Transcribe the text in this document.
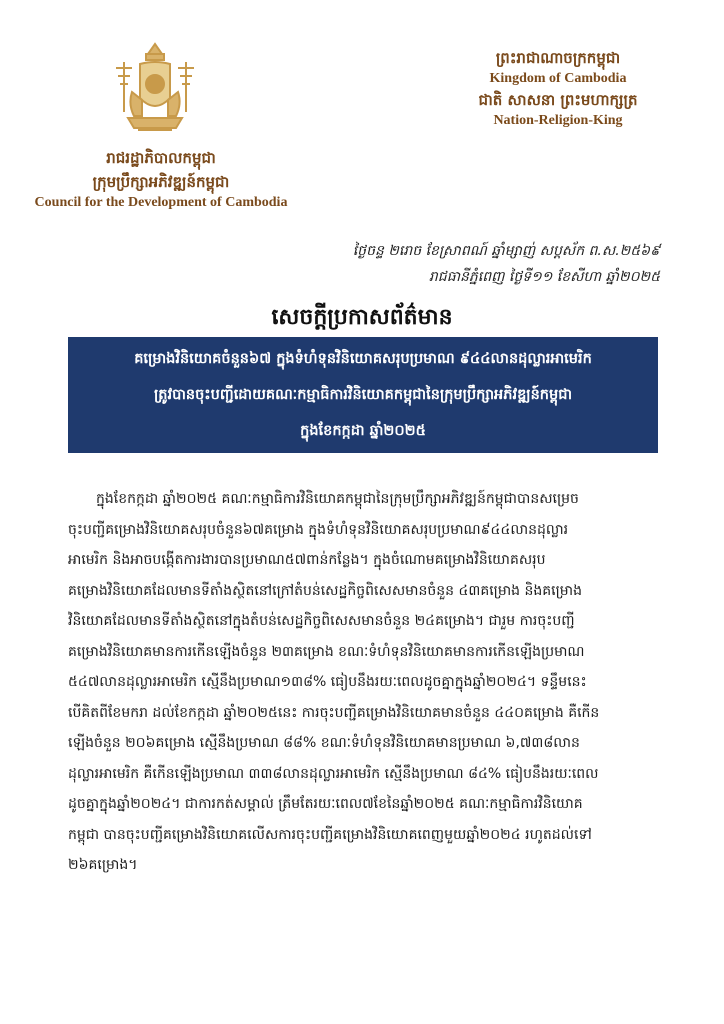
រាជរដ្ឋាភិបាលកម្ពុជា
ក្រុមប្រឹក្សាអភិវឌ្ឍន៍កម្ពុជា
Council for the Development of Cambodia
ព្រះរាជាណាចក្រកម្ពុជា
Kingdom of Cambodia
ជាតិ សាសនា ព្រះមហាក្សត្រ
Nation-Religion-King
ថ្ងៃចន្ទ ២រោច ខែស្រាពណ៍ ឆ្នាំម្សាញ់ សប្តស័ក ព.ស.២៥៦៩
រាជធានីភ្នំពេញ ថ្ងៃទី១១ ខែសីហា ឆ្នាំ២០២៥
សេចក្តីប្រកាសព័ត៌មាន
គម្រោងវិនិយោគចំនួន៦៧ ក្នុងទំហំទុនវិនិយោគសរុបប្រមាណ ៩៤៤លានដុល្លារអាមេរិក
ត្រូវបានចុះបញ្ជីដោយគណៈកម្មាធិការវិនិយោគកម្ពុជានៃក្រុមប្រឹក្សាអភិវឌ្ឍន៍កម្ពុជា
ក្នុងខែកក្កដា ឆ្នាំ២០២៥
ក្នុងខែកក្កដា ឆ្នាំ២០២៥ គណៈកម្មាធិការវិនិយោគកម្ពុជានៃក្រុមប្រឹក្សាអភិវឌ្ឍន៍កម្ពុជាបានសម្រេច
ចុះបញ្ជីគម្រោងវិនិយោគសរុបចំនួន៦៧គម្រោង ក្នុងទំហំទុនវិនិយោគសរុបប្រមាណ៩៤៤លានដុល្លារ
អាមេរិក និងអាចបង្កើតការងារបានប្រមាណ៥៧ពាន់កន្លែង។ ក្នុងចំណោមគម្រោងវិនិយោគសរុប
គម្រោងវិនិយោគដែលមានទីតាំងស្ថិតនៅក្រៅតំបន់សេដ្ឋកិច្ចពិសេសមានចំនួន ៤៣គម្រោង និងគម្រោង
វិនិយោគដែលមានទីតាំងស្ថិតនៅក្នុងតំបន់សេដ្ឋកិច្ចពិសេសមានចំនួន ២៤គម្រោង។ ជារួម ការចុះបញ្ជី
គម្រោងវិនិយោគមានការកើនឡើងចំនួន ២៣គម្រោង ខណៈទំហំទុនវិនិយោគមានការកើនឡើងប្រមាណ
៥៤៧លានដុល្លារអាមេរិក ស្មើនឹងប្រមាណ១៣៨% ធៀបនឹងរយៈពេលដូចគ្នាក្នុងឆ្នាំ២០២៤។ ទន្ទឹមនេះ
បើគិតពីខែមករា ដល់ខែកក្កដា ឆ្នាំ២០២៥នេះ ការចុះបញ្ជីគម្រោងវិនិយោគមានចំនួន ៤៤០គម្រោង គឺកើន
ឡើងចំនួន ២០៦គម្រោង ស្មើនឹងប្រមាណ ៨៨% ខណៈទំហំទុនវិនិយោគមានប្រមាណ ៦,៧៣៨លាន
ដុល្លារអាមេរិក គឺកើនឡើងប្រមាណ ៣៣៨លានដុល្លារអាមេរិក ស្មើនឹងប្រមាណ ៨៤% ធៀបនឹងរយៈពេល
ដូចគ្នាក្នុងឆ្នាំ២០២៤។ ជាការកត់សម្គាល់ ត្រឹមតែរយៈពេល៧ខែនៃឆ្នាំ២០២៥ គណៈកម្មាធិការវិនិយោគ
កម្ពុជា បានចុះបញ្ជីគម្រោងវិនិយោគលើសការចុះបញ្ជីគម្រោងវិនិយោគពេញមួយឆ្នាំ២០២៤ រហូតដល់ទៅ
២៦គម្រោង។
